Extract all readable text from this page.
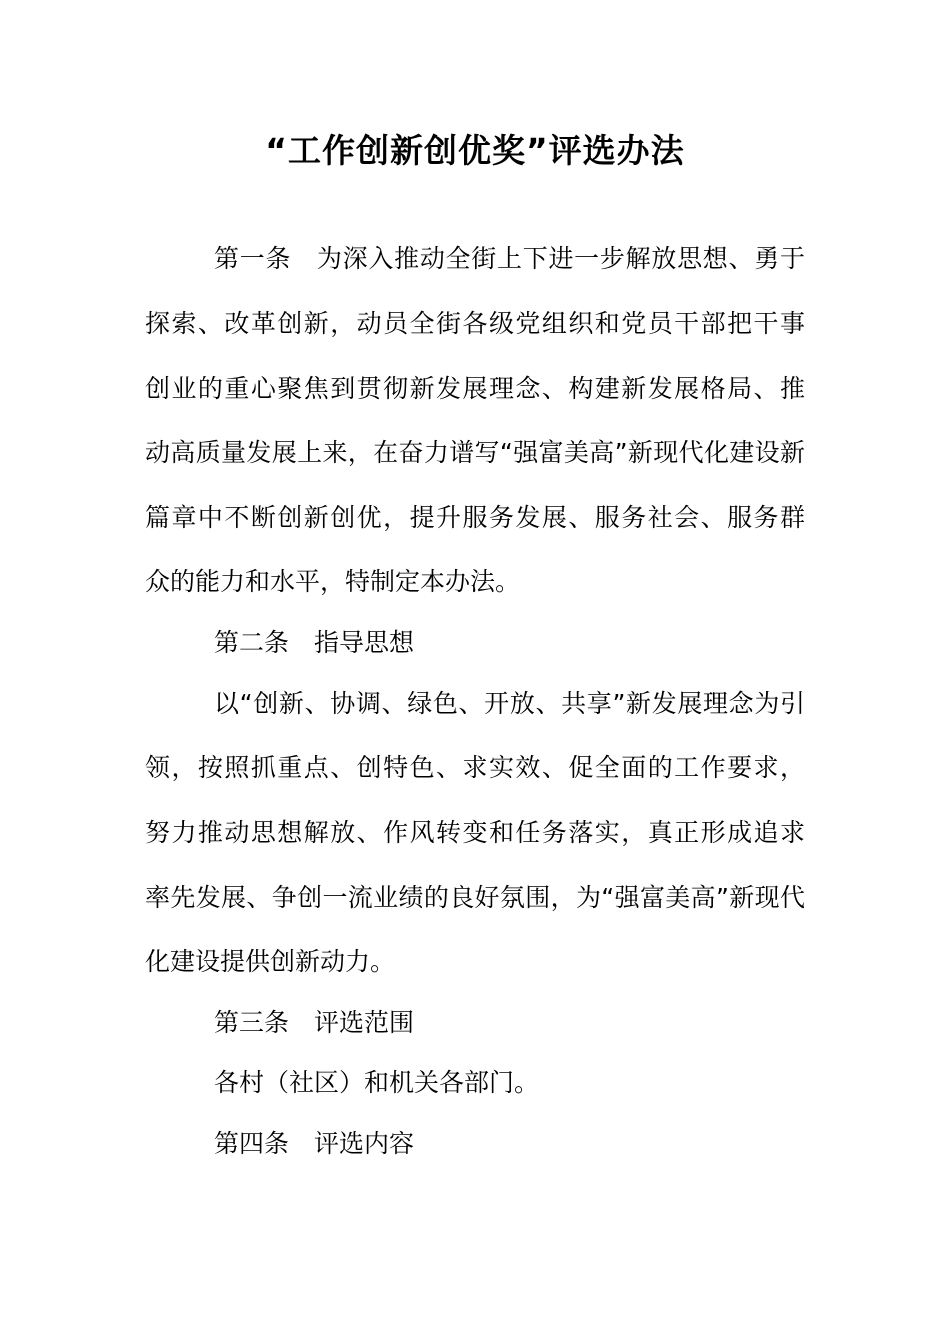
“工作创新创优奖”评选办法
第一条　为深入推动全街上下进一步解放思想、勇于
探索、改革创新，动员全街各级党组织和党员干部把干事
创业的重心聚焦到贯彻新发展理念、构建新发展格局、推
动高质量发展上来，在奋力谱写“强富美高”新现代化建设新
篇章中不断创新创优，提升服务发展、服务社会、服务群
众的能力和水平，特制定本办法。
第二条　指导思想
以“创新、协调、绿色、开放、共享”新发展理念为引
领，按照抓重点、创特色、求实效、促全面的工作要求，
努力推动思想解放、作风转变和任务落实，真正形成追求
率先发展、争创一流业绩的良好氛围，为“强富美高”新现代
化建设提供创新动力。
第三条　评选范围
各村（社区）和机关各部门。
第四条　评选内容
